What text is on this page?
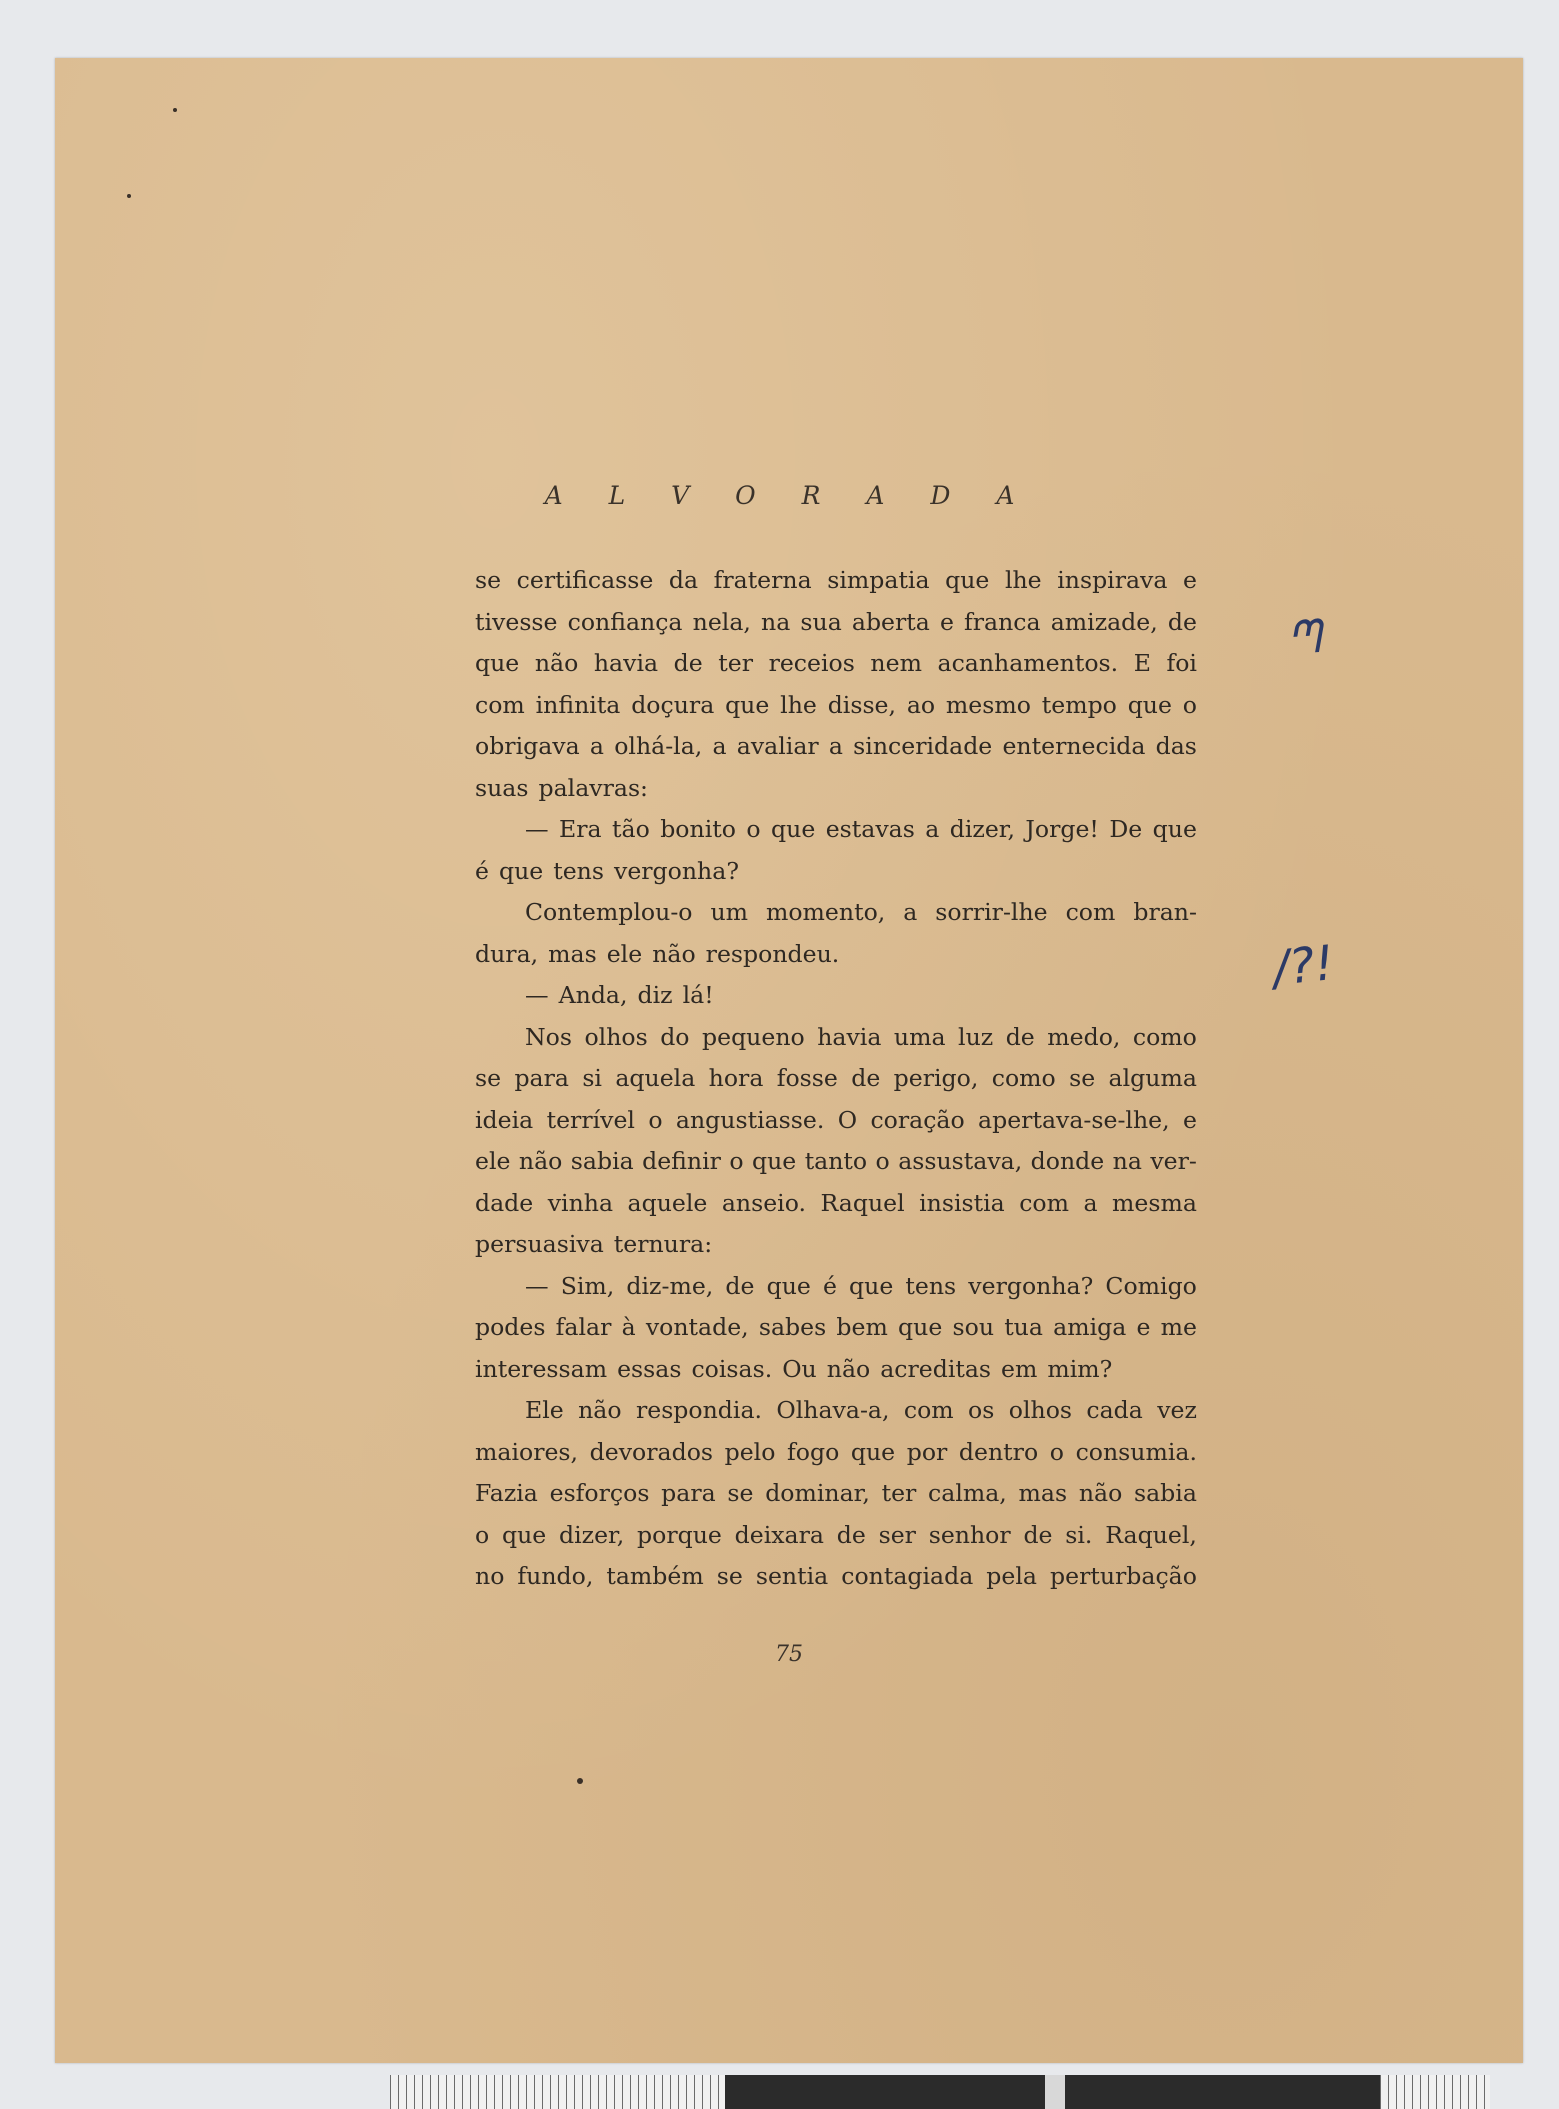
A L V O R A D A
se certificasse da fraterna simpatia que lhe inspirava e
tivesse confiança nela, na sua aberta e franca amizade, de
que não havia de ter receios nem acanhamentos. E foi
com infinita doçura que lhe disse, ao mesmo tempo que o
obrigava a olhá-la, a avaliar a sinceridade enternecida das
suas palavras:
— Era tão bonito o que estavas a dizer, Jorge! De que
é que tens vergonha?
Contemplou-o um momento, a sorrir-lhe com bran-
dura, mas ele não respondeu.
— Anda, diz lá!
Nos olhos do pequeno havia uma luz de medo, como
se para si aquela hora fosse de perigo, como se alguma
ideia terrível o angustiasse. O coração apertava-se-lhe, e
ele não sabia definir o que tanto o assustava, donde na ver-
dade vinha aquele anseio. Raquel insistia com a mesma
persuasiva ternura:
— Sim, diz-me, de que é que tens vergonha? Comigo
podes falar à vontade, sabes bem que sou tua amiga e me
interessam essas coisas. Ou não acreditas em mim?
Ele não respondia. Olhava-a, com os olhos cada vez
maiores, devorados pelo fogo que por dentro o consumia.
Fazia esforços para se dominar, ter calma, mas não sabia
o que dizer, porque deixara de ser senhor de si. Raquel,
no fundo, também se sentia contagiada pela perturbação
75
ᘉ
/?!
